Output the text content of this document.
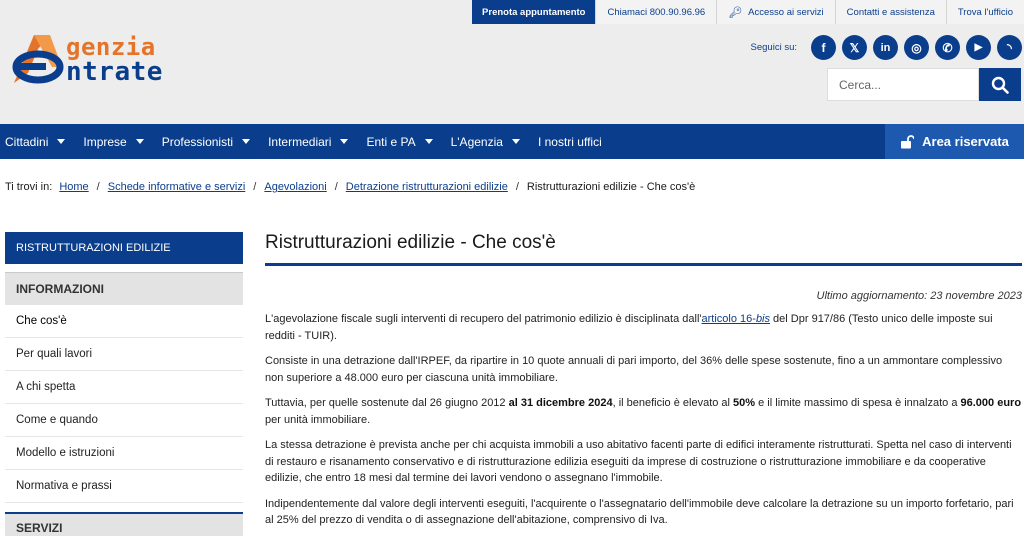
Prenota appuntamento	Chiamaci 800.90.96.96	🔑︎ Accesso ai servizi	Contatti e assistenza	Trova l'ufficio
genzia
ntrate
Seguici su:	f	𝕏	in	◎	✆	▶	◝
Cerca...
Cittadini	Imprese	Professionisti	Intermediari	Enti e PA	L'Agenzia	I nostri uffici	Area riservata
Ti trovi in: Home / Schede informative e servizi / Agevolazioni / Detrazione ristrutturazioni edilizie / Ristrutturazioni edilizie - Che cos'è
RISTRUTTURAZIONI EDILIZIE
INFORMAZIONI
Che cos'è
Per quali lavori
A chi spetta
Come e quando
Modello e istruzioni
Normativa e prassi
SERVIZI
Ristrutturazioni edilizie - Che cos'è
Ultimo aggiornamento: 23 novembre 2023

L'agevolazione fiscale sugli interventi di recupero del patrimonio edilizio è disciplinata dall'articolo 16-bis del Dpr 917/86 (Testo unico delle imposte sui redditi - TUIR).

Consiste in una detrazione dall'IRPEF, da ripartire in 10 quote annuali di pari importo, del 36% delle spese sostenute, fino a un ammontare complessivo non superiore a 48.000 euro per ciascuna unità immobiliare.

Tuttavia, per quelle sostenute dal 26 giugno 2012 al 31 dicembre 2024, il beneficio è elevato al 50% e il limite massimo di spesa è innalzato a 96.000 euro per unità immobiliare.

La stessa detrazione è prevista anche per chi acquista immobili a uso abitativo facenti parte di edifici interamente ristrutturati. Spetta nel caso di interventi di restauro e risanamento conservativo e di ristrutturazione edilizia eseguiti da imprese di costruzione o ristrutturazione immobiliare e da cooperative edilizie, che entro 18 mesi dal termine dei lavori vendono o assegnano l'immobile.

Indipendentemente dal valore degli interventi eseguiti, l'acquirente o l'assegnatario dell'immobile deve calcolare la detrazione su un importo forfetario, pari al 25% del prezzo di vendita o di assegnazione dell'abitazione, comprensivo di Iva.
